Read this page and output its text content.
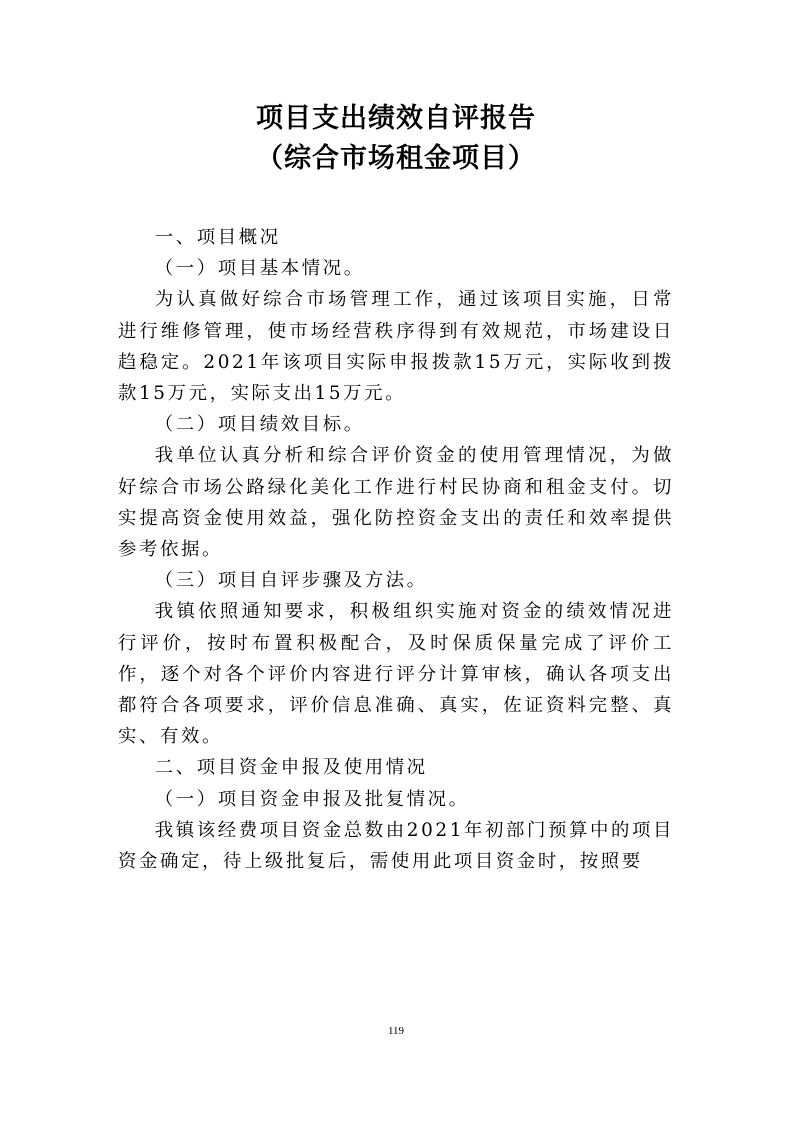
项目支出绩效自评报告
（综合市场租金项目）

一、项目概况

（一）项目基本情况。

为认真做好综合市场管理工作，通过该项目实施，日常进行维修管理，使市场经营秩序得到有效规范，市场建设日趋稳定。2021年该项目实际申报拨款15万元，实际收到拨款15万元，实际支出15万元。

（二）项目绩效目标。

我单位认真分析和综合评价资金的使用管理情况，为做好综合市场公路绿化美化工作进行村民协商和租金支付。切实提高资金使用效益，强化防控资金支出的责任和效率提供参考依据。

（三）项目自评步骤及方法。

我镇依照通知要求，积极组织实施对资金的绩效情况进行评价，按时布置积极配合，及时保质保量完成了评价工作，逐个对各个评价内容进行评分计算审核，确认各项支出都符合各项要求，评价信息准确、真实，佐证资料完整、真实、有效。

二、项目资金申报及使用情况

（一）项目资金申报及批复情况。

我镇该经费项目资金总数由2021年初部门预算中的项目资金确定，待上级批复后，需使用此项目资金时，按照要

119
